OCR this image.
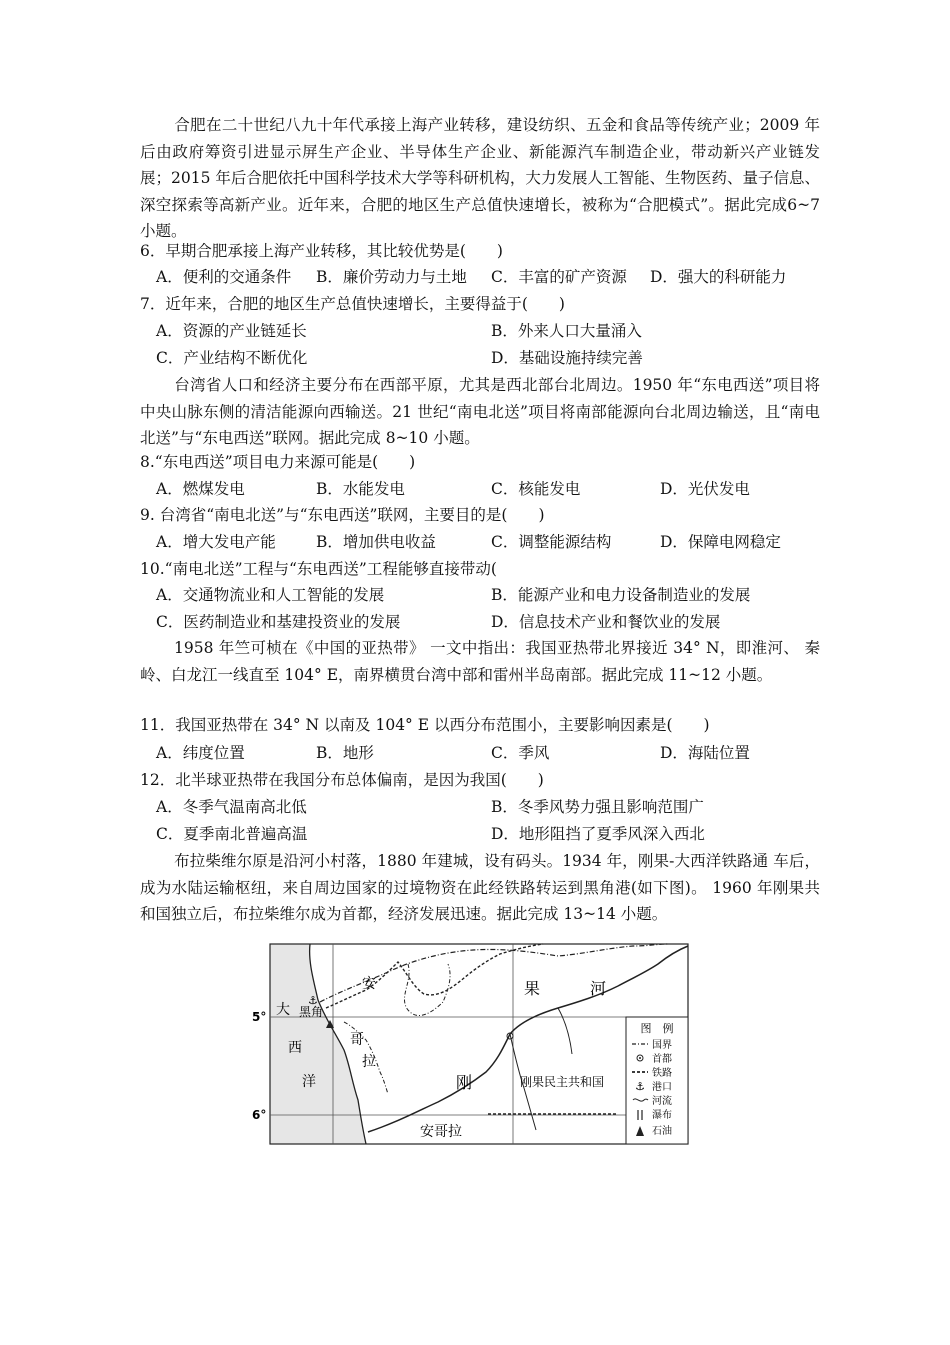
合肥在二十世纪八九十年代承接上海产业转移，建设纺织、五金和食品等传统产业；2009 年后由政府筹资引进显示屏生产企业、半导体生产企业、新能源汽车制造企业，带动新兴产业链发展；2015 年后合肥依托中国科学技术大学等科研机构，大力发展人工智能、生物医药、量子信息、深空探索等高新产业。近年来，合肥的地区生产总值快速增长，被称为“合肥模式”。据此完成6~7 小题。
6．早期合肥承接上海产业转移，其比较优势是(　　)
A．便利的交通条件 B．廉价劳动力与土地 C．丰富的矿产资源 D．强大的科研能力
7．近年来，合肥的地区生产总值快速增长，主要得益于(　　)
A．资源的产业链延长	B．外来人口大量涌入
C．产业结构不断优化	D．基础设施持续完善
台湾省人口和经济主要分布在西部平原，尤其是西北部台北周边。1950 年“东电西送”项目将中央山脉东侧的清洁能源向西输送。21 世纪“南电北送”项目将南部能源向台北周边输送，且“南电北送”与“东电西送”联网。据此完成 8~10 小题。
8.“东电西送”项目电力来源可能是(　　)
A．燃煤发电	B．水能发电	C．核能发电	D．光伏发电
9. 台湾省“南电北送”与“东电西送”联网，主要目的是(　　)
A．增大发电产能	B．增加供电收益	C．调整能源结构	D．保障电网稳定
10.“南电北送”工程与“东电西送”工程能够直接带动(
A．交通物流业和人工智能的发展	B．能源产业和电力设备制造业的发展
C．医药制造业和基建投资业的发展	D．信息技术产业和餐饮业的发展
1958 年竺可桢在《中国的亚热带》 一文中指出：我国亚热带北界接近 34° N，即淮河、 秦岭、白龙江一线直至 104° E，南界横贯台湾中部和雷州半岛南部。据此完成 11~12 小题。
11．我国亚热带在 34° N 以南及 104° E 以西分布范围小，主要影响因素是(　　)
A．纬度位置	B．地形	C．季风	D．海陆位置
12．北半球亚热带在我国分布总体偏南，是因为我国(　　)
A．冬季气温南高北低	B．冬季风势力强且影响范围广
C．夏季南北普遍高温	D．地形阻挡了夏季风深入西北
布拉柴维尔原是沿河小村落，1880 年建城，设有码头。1934 年，刚果-大西洋铁路通 车后，成为水陆运输枢纽，来自周边国家的过境物资在此经铁路转运到黑角港(如下图)。 1960 年刚果共和国独立后，布拉柴维尔成为首都，经济发展迅速。据此完成 13~14 小题。
图　例
国界
首都
铁路
⚓ 港口
河流
瀑布
石油
⚓
5°
6°
大
西
洋
黑角
安
哥
拉
果	河
刚	刚果民主共和国
安哥拉
